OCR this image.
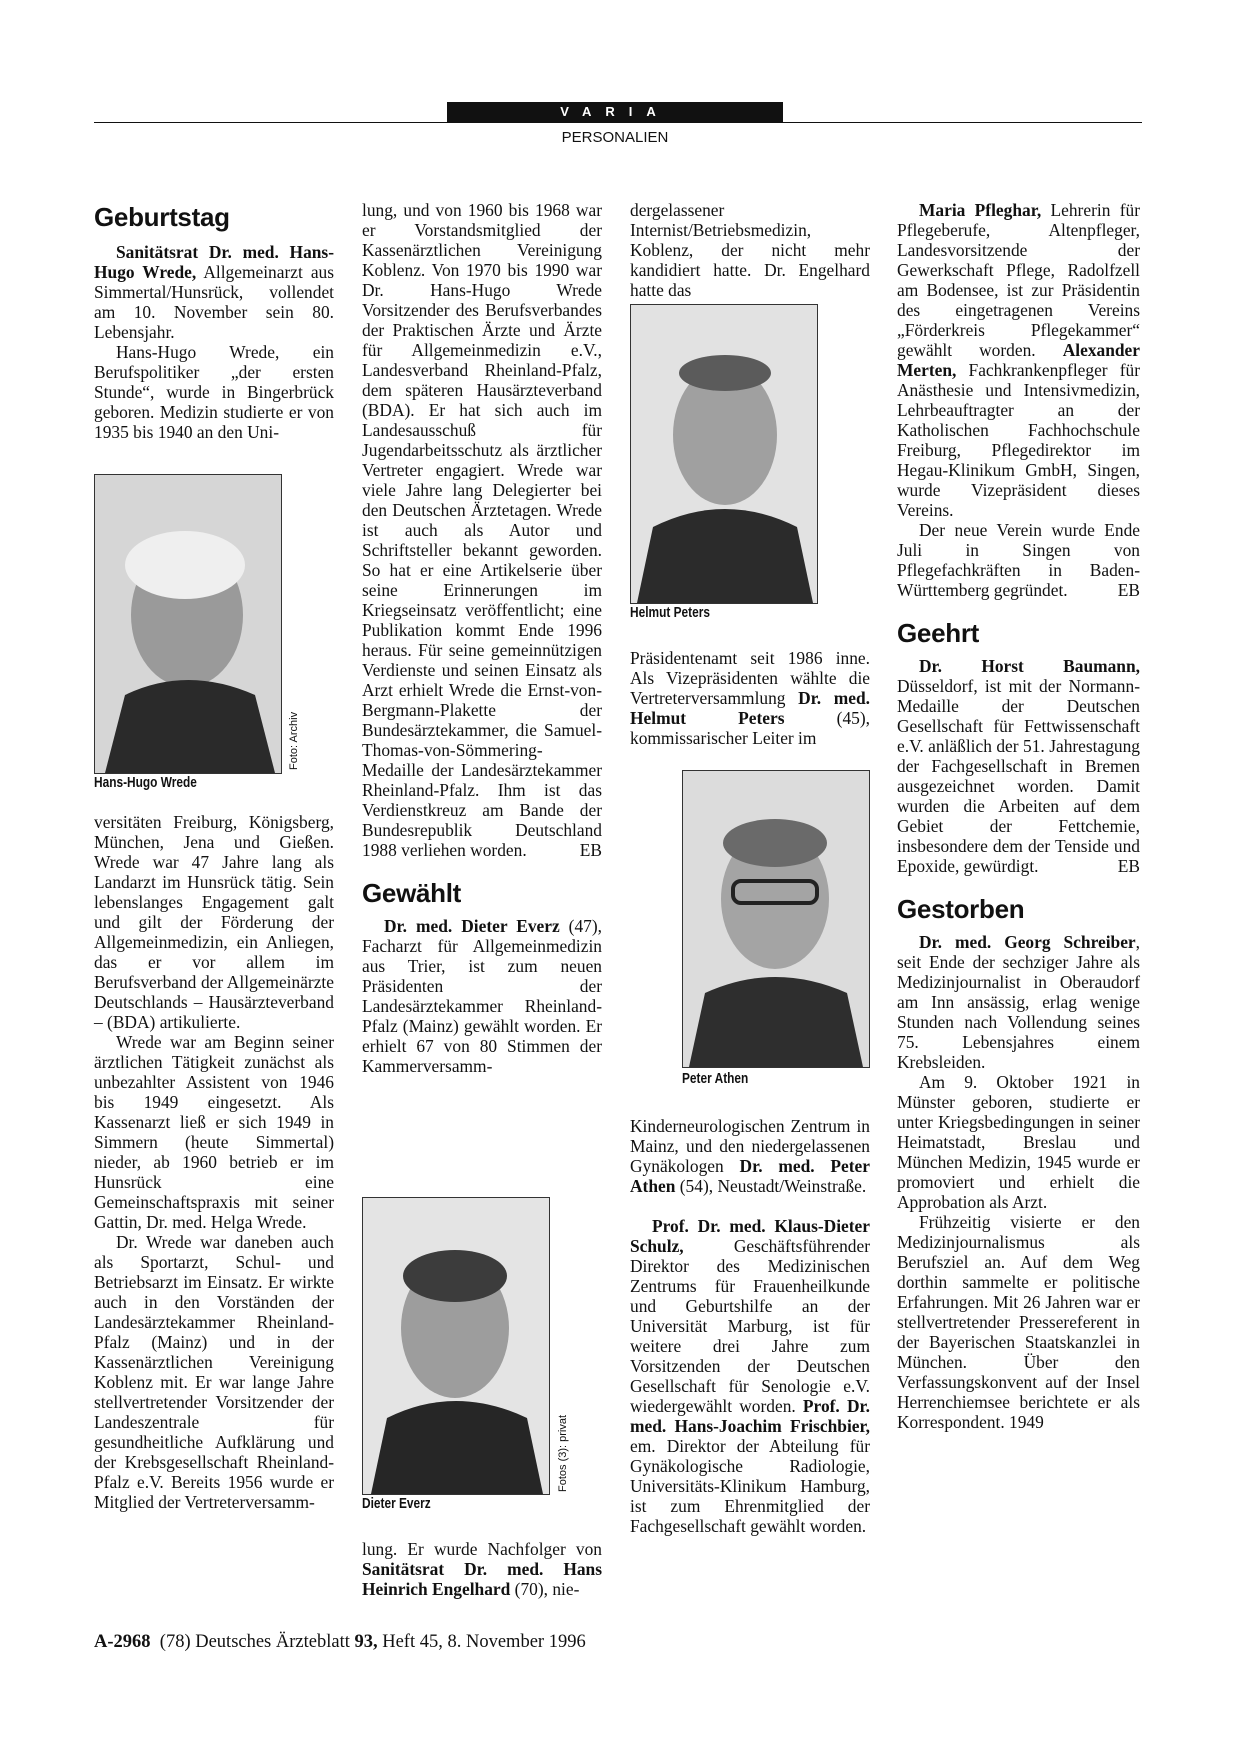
VARIA
PERSONALIEN
Geburtstag

Sanitätsrat Dr. med. Hans-Hugo Wrede, Allgemeinarzt aus Simmertal/Hunsrück, vollendet am 10. November sein 80. Lebensjahr.

Hans-Hugo Wrede, ein Berufspolitiker „der ersten Stunde“, wurde in Bingerbrück geboren. Medizin studierte er von 1935 bis 1940 an den Uni-

Foto: Archiv
Hans-Hugo Wrede

versitäten Freiburg, Königsberg, München, Jena und Gießen. Wrede war 47 Jahre lang als Landarzt im Hunsrück tätig. Sein lebenslanges Engagement galt und gilt der Förderung der Allgemeinmedizin, ein Anliegen, das er vor allem im Berufsverband der Allgemeinärzte Deutschlands – Hausärzteverband – (BDA) artikulierte.

Wrede war am Beginn seiner ärztlichen Tätigkeit zunächst als unbezahlter Assistent von 1946 bis 1949 eingesetzt. Als Kassenarzt ließ er sich 1949 in Simmern (heute Simmertal) nieder, ab 1960 betrieb er im Hunsrück eine Gemeinschaftspraxis mit seiner Gattin, Dr. med. Helga Wrede.

Dr. Wrede war daneben auch als Sportarzt, Schul- und Betriebsarzt im Einsatz. Er wirkte auch in den Vorständen der Landesärztekammer Rheinland-Pfalz (Mainz) und in der Kassenärztlichen Vereinigung Koblenz mit. Er war lange Jahre stellvertretender Vorsitzender der Landeszentrale für gesundheitliche Aufklärung und der Krebsgesellschaft Rheinland-Pfalz e.V. Bereits 1956 wurde er Mitglied der Vertreterversamm-

lung, und von 1960 bis 1968 war er Vorstandsmitglied der Kassenärztlichen Vereinigung Koblenz. Von 1970 bis 1990 war Dr. Hans-Hugo Wrede Vorsitzender des Berufsverbandes der Praktischen Ärzte und Ärzte für Allgemeinmedizin e.V., Landesverband Rheinland-Pfalz, dem späteren Hausärzteverband (BDA). Er hat sich auch im Landesausschuß für Jugendarbeitsschutz als ärztlicher Vertreter engagiert. Wrede war viele Jahre lang Delegierter bei den Deutschen Ärztetagen. Wrede ist auch als Autor und Schriftsteller bekannt geworden. So hat er eine Artikelserie über seine Erinnerungen im Kriegseinsatz veröffentlicht; eine Publikation kommt Ende 1996 heraus. Für seine gemeinnützigen Verdienste und seinen Einsatz als Arzt erhielt Wrede die Ernst-von-Bergmann-Plakette der Bundesärztekammer, die Samuel-Thomas-von-Sömmering-Medaille der Landesärztekammer Rheinland-Pfalz. Ihm ist das Verdienstkreuz am Bande der Bundesrepublik Deutschland 1988 verliehen worden.	EB

Gewählt

Dr. med. Dieter Everz (47), Facharzt für Allgemeinmedizin aus Trier, ist zum neuen Präsidenten der Landesärztekammer Rheinland-Pfalz (Mainz) gewählt worden. Er erhielt 67 von 80 Stimmen der Kammerversamm-

Fotos (3): privat
Dieter Everz

lung. Er wurde Nachfolger von Sanitätsrat Dr. med. Hans Heinrich Engelhard (70), nie-

dergelassener Internist/Betriebsmedizin, Koblenz, der nicht mehr kandidiert hatte. Dr. Engelhard hatte das

Helmut Peters

Präsidentenamt seit 1986 inne. Als Vizepräsidenten wählte die Vertreterversammlung Dr. med. Helmut Peters (45), kommissarischer Leiter im

Peter Athen

Kinderneurologischen Zentrum in Mainz, und den niedergelassenen Gynäkologen Dr. med. Peter Athen (54), Neustadt/Weinstraße.

Prof. Dr. med. Klaus-Dieter Schulz, Geschäftsführender Direktor des Medizinischen Zentrums für Frauenheilkunde und Geburtshilfe an der Universität Marburg, ist für weitere drei Jahre zum Vorsitzenden der Deutschen Gesellschaft für Senologie e.V. wiedergewählt worden. Prof. Dr. med. Hans-Joachim Frischbier, em. Direktor der Abteilung für Gynäkologische Radiologie, Universitäts-Klinikum Hamburg, ist zum Ehrenmitglied der Fachgesellschaft gewählt worden.

Maria Pfleghar, Lehrerin für Pflegeberufe, Altenpfleger, Landesvorsitzende der Gewerkschaft Pflege, Radolfzell am Bodensee, ist zur Präsidentin des eingetragenen Vereins „Förderkreis Pflegekammer“ gewählt worden. Alexander Merten, Fachkrankenpfleger für Anästhesie und Intensivmedizin, Lehrbeauftragter an der Katholischen Fachhochschule Freiburg, Pflegedirektor im Hegau-Klinikum GmbH, Singen, wurde Vizepräsident dieses Vereins.

Der neue Verein wurde Ende Juli in Singen von Pflegefachkräften in Baden-Württemberg gegründet.	EB

Geehrt

Dr. Horst Baumann, Düsseldorf, ist mit der Normann-Medaille der Deutschen Gesellschaft für Fettwissenschaft e.V. anläßlich der 51. Jahrestagung der Fachgesellschaft in Bremen ausgezeichnet worden. Damit wurden die Arbeiten auf dem Gebiet der Fettchemie, insbesondere dem der Tenside und Epoxide, gewürdigt.	EB

Gestorben

Dr. med. Georg Schreiber, seit Ende der sechziger Jahre als Medizinjournalist in Oberaudorf am Inn ansässig, erlag wenige Stunden nach Vollendung seines 75. Lebensjahres einem Krebsleiden.

Am 9. Oktober 1921 in Münster geboren, studierte er unter Kriegsbedingungen in seiner Heimatstadt, Breslau und München Medizin, 1945 wurde er promoviert und erhielt die Approbation als Arzt.

Frühzeitig visierte er den Medizinjournalismus als Berufsziel an. Auf dem Weg dorthin sammelte er politische Erfahrungen. Mit 26 Jahren war er stellvertretender Pressereferent in der Bayerischen Staatskanzlei in München. Über den Verfassungskonvent auf der Insel Herrenchiemsee berichtete er als Korrespondent. 1949

A-2968  (78) Deutsches Ärzteblatt 93, Heft 45, 8. November 1996
